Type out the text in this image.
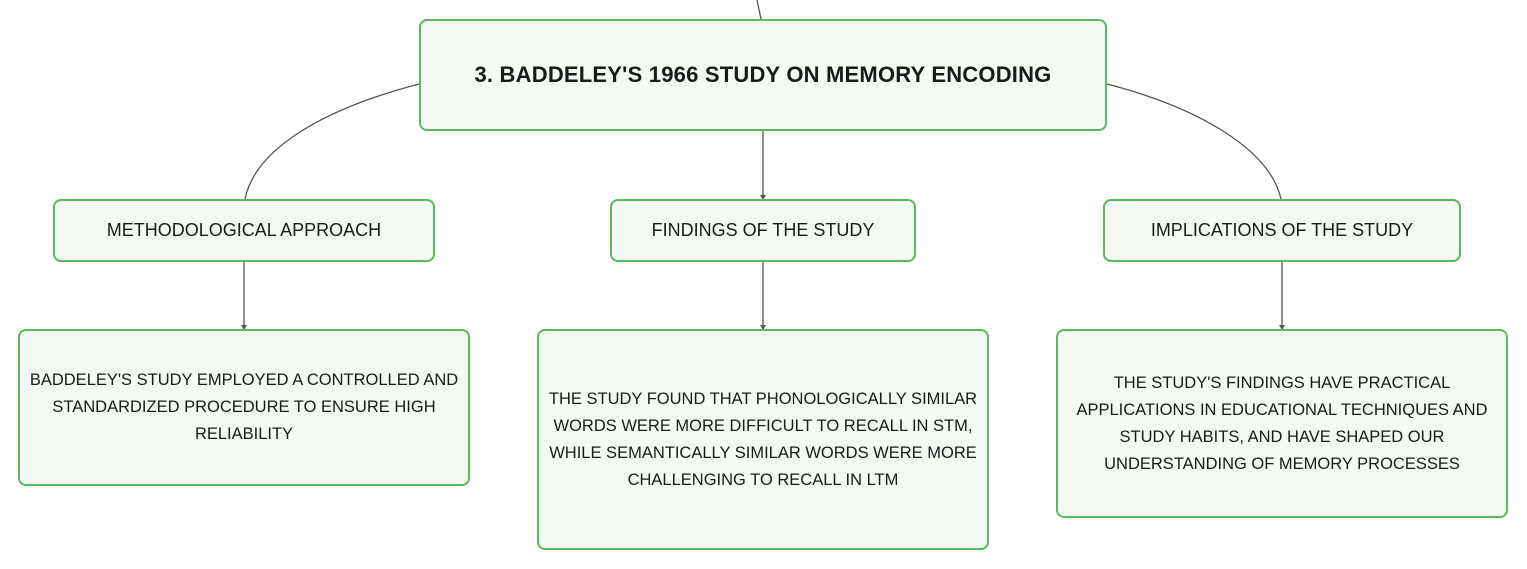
3. BADDELEY'S 1966 STUDY ON MEMORY ENCODING
METHODOLOGICAL APPROACH	FINDINGS OF THE STUDY	IMPLICATIONS OF THE STUDY
BADDELEY'S STUDY EMPLOYED A CONTROLLED AND STANDARDIZED PROCEDURE TO ENSURE HIGH RELIABILITY
THE STUDY FOUND THAT PHONOLOGICALLY SIMILAR WORDS WERE MORE DIFFICULT TO RECALL IN STM, WHILE SEMANTICALLY SIMILAR WORDS WERE MORE CHALLENGING TO RECALL IN LTM
THE STUDY'S FINDINGS HAVE PRACTICAL APPLICATIONS IN EDUCATIONAL TECHNIQUES AND STUDY HABITS, AND HAVE SHAPED OUR UNDERSTANDING OF MEMORY PROCESSES
